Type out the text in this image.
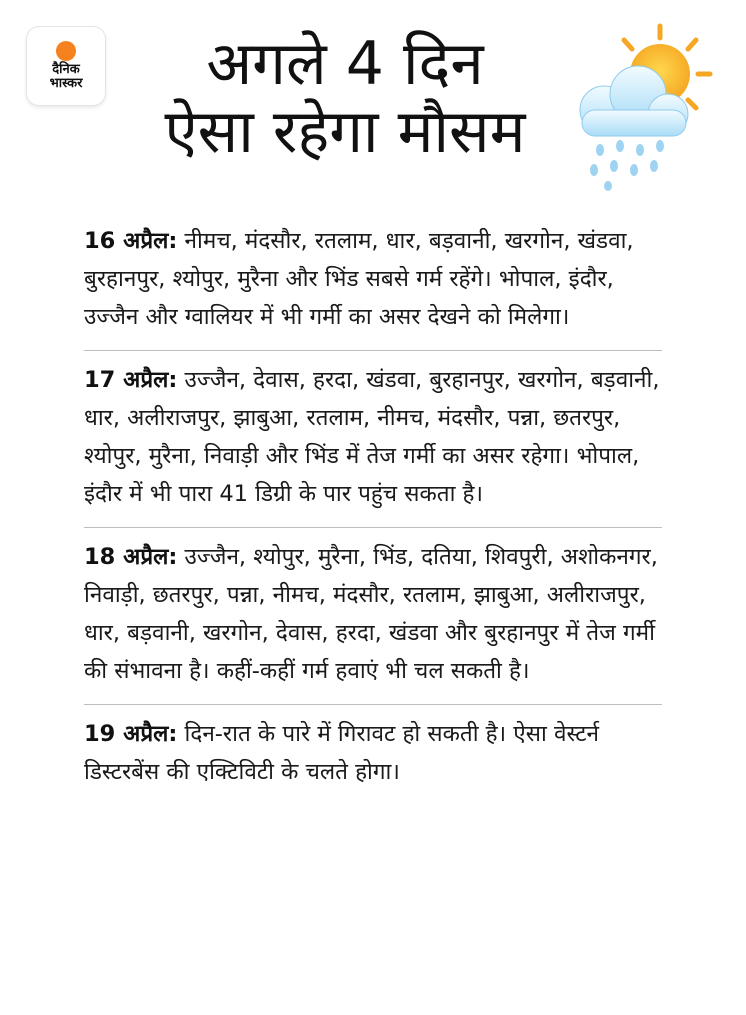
दैनिक
भास्कर	अगले 4 दिन
ऐसा रहेगा मौसम

16 अप्रैल: नीमच, मंदसौर, रतलाम, धार, बड़वानी, खरगोन, खंडवा, बुरहानपुर, श्योपुर, मुरैना और भिंड सबसे गर्म रहेंगे। भोपाल, इंदौर, उज्जैन और ग्वालियर में भी गर्मी का असर देखने को मिलेगा।

17 अप्रैल: उज्जैन, देवास, हरदा, खंडवा, बुरहानपुर, खरगोन, बड़वानी, धार, अलीराजपुर, झाबुआ, रतलाम, नीमच, मंदसौर, पन्ना, छतरपुर, श्योपुर, मुरैना, निवाड़ी और भिंड में तेज गर्मी का असर रहेगा। भोपाल, इंदौर में भी पारा 41 डिग्री के पार पहुंच सकता है।

18 अप्रैल: उज्जैन, श्योपुर, मुरैना, भिंड, दतिया, शिवपुरी, अशोकनगर, निवाड़ी, छतरपुर, पन्ना, नीमच, मंदसौर, रतलाम, झाबुआ, अलीराजपुर, धार, बड़वानी, खरगोन, देवास, हरदा, खंडवा और बुरहानपुर में तेज गर्मी की संभावना है। कहीं-कहीं गर्म हवाएं भी चल सकती है।

19 अप्रैल: दिन-रात के पारे में गिरावट हो सकती है। ऐसा वेस्टर्न डिस्टरबेंस की एक्टिविटी के चलते होगा।
